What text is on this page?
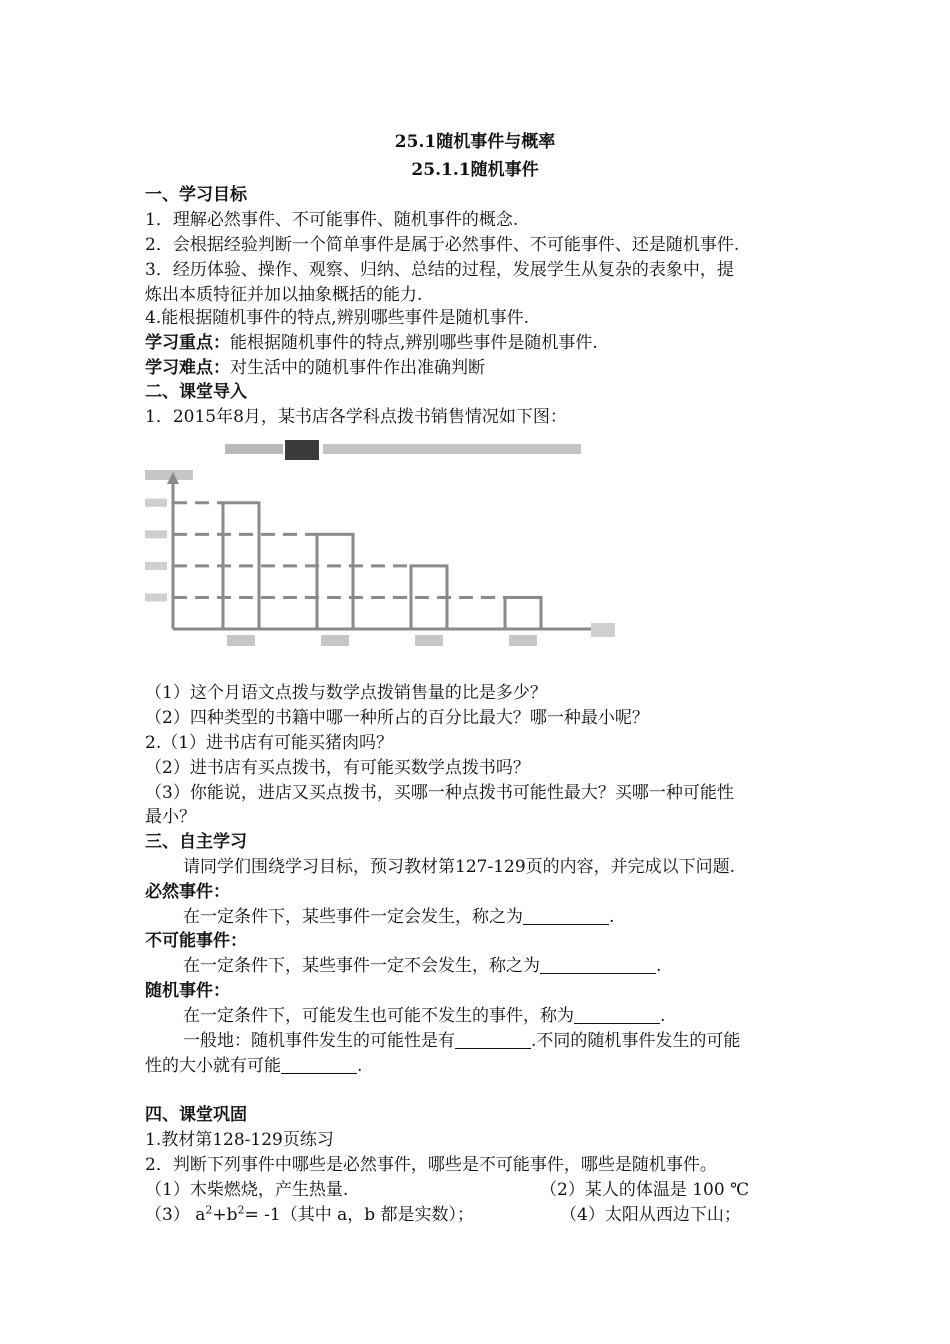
25.1随机事件与概率
25.1.1随机事件
一、学习目标
1．理解必然事件、不可能事件、随机事件的概念.
2．会根据经验判断一个简单事件是属于必然事件、不可能事件、还是随机事件.
3．经历体验、操作、观察、归纳、总结的过程，发展学生从复杂的表象中，提
炼出本质特征并加以抽象概括的能力.
4.能根据随机事件的特点,辨别哪些事件是随机事件.
学习重点：能根据随机事件的特点,辨别哪些事件是随机事件.
学习难点：对生活中的随机事件作出准确判断
二、课堂导入
1．2015年8月，某书店各学科点拨书销售情况如下图：
（1）这个月语文点拨与数学点拨销售量的比是多少？
（2）四种类型的书籍中哪一种所占的百分比最大？哪一种最小呢？
2.（1）进书店有可能买猪肉吗？
（2）进书店有买点拨书，有可能买数学点拨书吗？
（3）你能说，进店又买点拨书，买哪一种点拨书可能性最大？买哪一种可能性
最小？
三、自主学习
请同学们围绕学习目标，预习教材第127-129页的内容，并完成以下问题.
必然事件：
在一定条件下，某些事件一定会发生，称之为	.
不可能事件：
在一定条件下，某些事件一定不会发生，称之为	.
随机事件：
在一定条件下，可能发生也可能不发生的事件，称为	.
一般地：随机事件发生的可能性是有	.不同的随机事件发生的可能
性的大小就有可能	.
四、课堂巩固
1.教材第128-129页练习
2．判断下列事件中哪些是必然事件，哪些是不可能事件，哪些是随机事件。
（1）木柴燃烧，产生热量.	（2）某人的体温是 100 ℃
（3） $a^2+b^2= -1$（其中 a，b 都是实数）；	（4）太阳从西边下山；
